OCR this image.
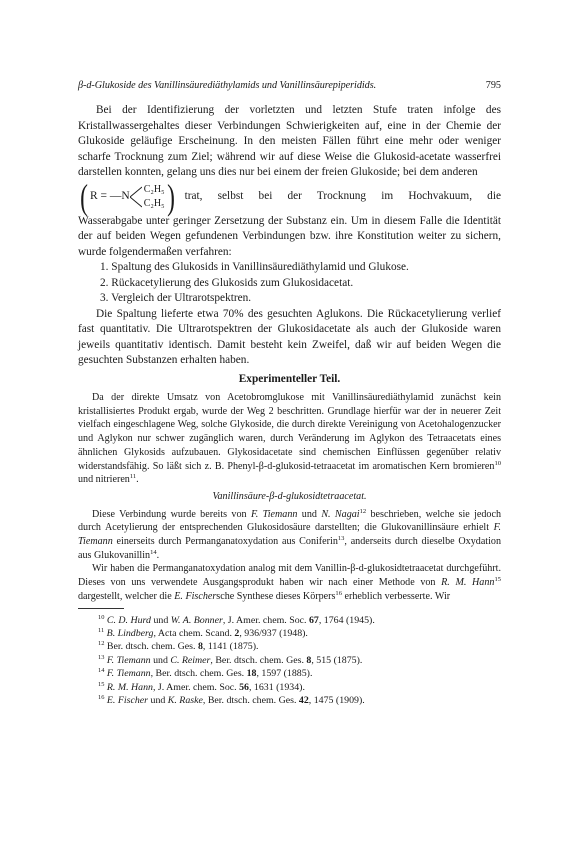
β-d-Glukoside des Vanillinsäurediäthylamids und Vanillinsäurepiperidids.	795

Bei der Identifizierung der vorletzten und letzten Stufe traten infolge des Kristallwassergehaltes dieser Verbindungen Schwierigkeiten auf, eine in der Chemie der Glukoside geläufige Erscheinung. In den meisten Fällen führt eine mehr oder weniger scharfe Trocknung zum Ziel; während wir auf diese Weise die Glukosid-acetate wasserfrei darstellen konnten, gelang uns dies nur bei einem der freien Glukoside; bei dem anderen

( R = —N
C₂H₅
C₂H₅ ) trat, selbst bei der Trocknung im Hochvakuum, die

Wasserabgabe unter geringer Zersetzung der Substanz ein. Um in diesem Falle die Identität der auf beiden Wegen gefundenen Verbindungen bzw. ihre Konstitution weiter zu sichern, wurde folgendermaßen verfahren:

1. Spaltung des Glukosids in Vanillinsäurediäthylamid und Glukose.
2. Rückacetylierung des Glukosids zum Glukosidacetat.
3. Vergleich der Ultrarotspektren.

Die Spaltung lieferte etwa 70% des gesuchten Aglukons. Die Rückacetylierung verlief fast quantitativ. Die Ultrarotspektren der Glukosidacetate als auch der Glukoside waren jeweils quantitativ identisch. Damit besteht kein Zweifel, daß wir auf beiden Wegen die gesuchten Substanzen erhalten haben.

Experimenteller Teil.

Da der direkte Umsatz von Acetobromglukose mit Vanillinsäurediäthylamid zunächst kein kristallisiertes Produkt ergab, wurde der Weg 2 beschritten. Grundlage hierfür war der in neuerer Zeit vielfach eingeschlagene Weg, solche Glykoside, die durch direkte Vereinigung von Acetohalogenzucker und Aglykon nur schwer zugänglich waren, durch Veränderung im Aglykon des Tetraacetats eines ähnlichen Glykosids aufzubauen. Glykosidacetate sind chemischen Einflüssen gegenüber relativ widerstandsfähig. So läßt sich z. B. Phenyl-β-d-glukosid-tetraacetat im aromatischen Kern bromieren$^{10}$ und nitrieren$^{11}$.

Vanillinsäure-β-d-glukosidtetraacetat.

Diese Verbindung wurde bereits von F. Tiemann und N. Nagai$^{12}$ beschrieben, welche sie jedoch durch Acetylierung der entsprechenden Glukosidosäure darstellten; die Glukovanillinsäure erhielt F. Tiemann einerseits durch Permanganatoxydation aus Coniferin$^{13}$, anderseits durch dieselbe Oxydation aus Glukovanillin$^{14}$.

Wir haben die Permanganatoxydation analog mit dem Vanillin-β-d-glukosidtetraacetat durchgeführt. Dieses von uns verwendete Ausgangsprodukt haben wir nach einer Methode von R. M. Hann$^{15}$ dargestellt, welcher die E. Fischersche Synthese dieses Körpers$^{16}$ erheblich verbesserte. Wir

$^{10}$ C. D. Hurd und W. A. Bonner, J. Amer. chem. Soc. 67, 1764 (1945).
$^{11}$ B. Lindberg, Acta chem. Scand. 2, 936/937 (1948).
$^{12}$ Ber. dtsch. chem. Ges. 8, 1141 (1875).
$^{13}$ F. Tiemann und C. Reimer, Ber. dtsch. chem. Ges. 8, 515 (1875).
$^{14}$ F. Tiemann, Ber. dtsch. chem. Ges. 18, 1597 (1885).
$^{15}$ R. M. Hann, J. Amer. chem. Soc. 56, 1631 (1934).
$^{16}$ E. Fischer und K. Raske, Ber. dtsch. chem. Ges. 42, 1475 (1909).
